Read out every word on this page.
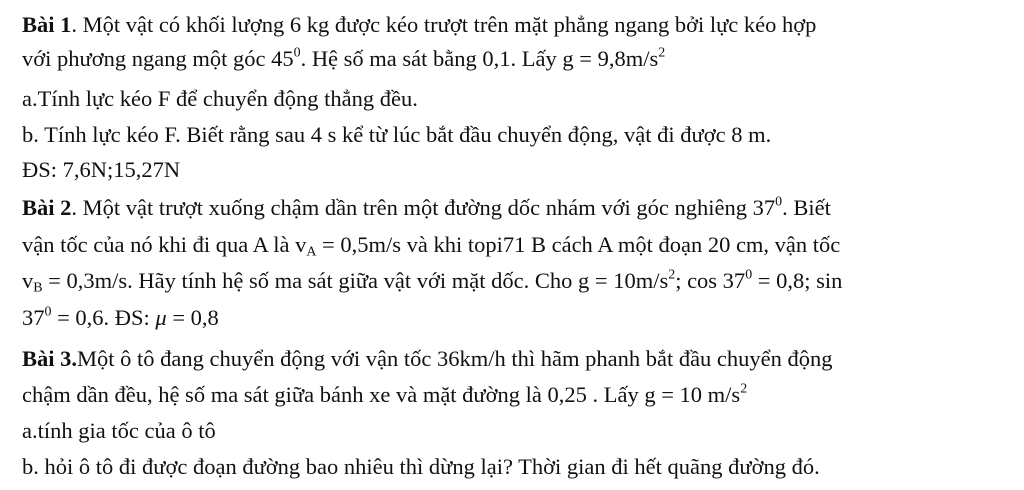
Bài 1. Một vật có khối lượng 6 kg được kéo trượt trên mặt phẳng ngang bởi lực kéo hợp
với phương ngang một góc $45^0$. Hệ số ma sát bằng 0,1. Lấy $g = 9,8m/s^2$
a.Tính lực kéo F để chuyển động thẳng đều.
b. Tính lực kéo F. Biết rằng sau 4 s kể từ lúc bắt đầu chuyển động, vật đi được 8 m.
ĐS: 7,6N;15,27N
Bài 2. Một vật trượt xuống chậm dần trên một đường dốc nhám với góc nghiêng $37^0$. Biết
vận tốc của nó khi đi qua A là $v_A = 0,5m/s$ và khi topi71 B cách A một đoạn 20 cm, vận tốc
$v_B = 0,3m/s$. Hãy tính hệ số ma sát giữa vật với mặt dốc. Cho $g = 10m/s^2$; $\cos 37^0 = 0,8$; sin
$37^0 = 0,6$. ĐS: μ = 0,8
Bài 3.Một ô tô đang chuyển động với vận tốc 36km/h thì hãm phanh bắt đầu chuyển động
chậm dần đều, hệ số ma sát giữa bánh xe và mặt đường là 0,25 . Lấy g = 10 $m/s^2$
a.tính gia tốc của ô tô
b. hỏi ô tô đi được đoạn đường bao nhiêu thì dừng lại? Thời gian đi hết quãng đường đó.
